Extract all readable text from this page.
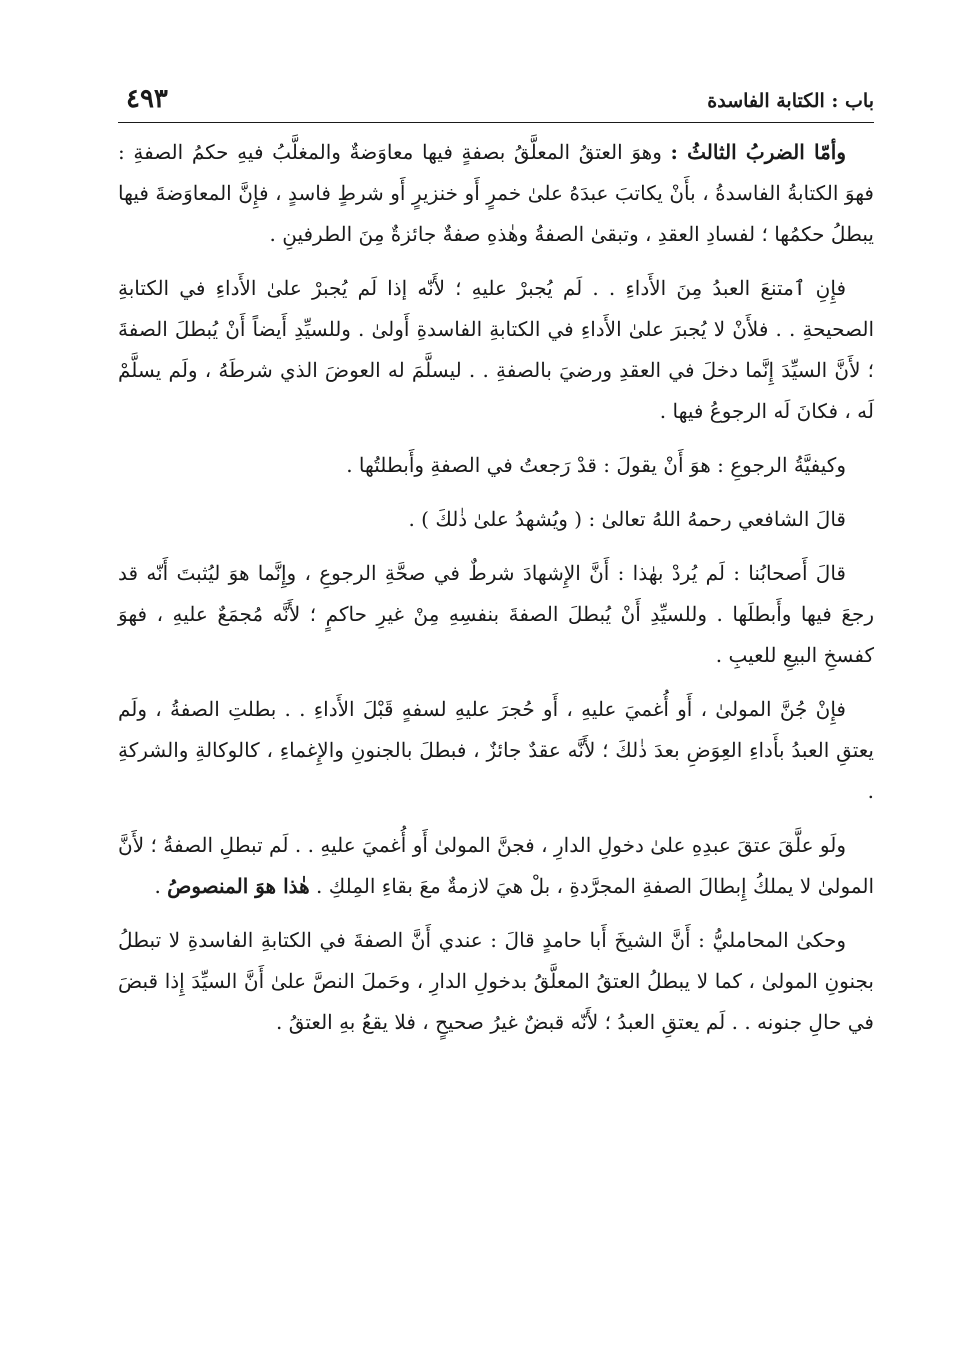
باب : الكتابة الفاسدة
٤٩٣

وأمّا الضربُ الثالثُ : وهوَ العتقُ المعلَّقُ بصفةٍ فيها معاوَضةٌ والمغلَّبُ فيهِ حكمُ الصفةِ : فهوَ الكتابةُ الفاسدةُ ، بأَنْ يكاتبَ عبدَهُ علىٰ خمرٍ أَو خنزيرٍ أَو شرطٍ فاسدٍ ، فإِنَّ المعاوَضةَ فيها يبطلُ حكمُها ؛ لفسادِ العقدِ ، وتبقىٰ الصفةُ وهٰذهِ صفةٌ جائزةٌ مِنَ الطرفينِ .

فإِنِ ٱمتنعَ العبدُ مِنَ الأَداءِ . . لَم يُجبرْ عليهِ ؛ لأَنّه إذا لَم يُجبرْ علىٰ الأَداءِ في الكتابةِ الصحيحةِ . . فلأَنْ لا يُجبرَ علىٰ الأَداءِ في الكتابةِ الفاسدةِ أَولىٰ . وللسيِّدِ أَيضاً أَنْ يُبطلَ الصفةَ ؛ لأَنَّ السيِّدَ إِنَّما دخلَ في العقدِ ورضيَ بالصفةِ . . ليسلَّمَ له العوضَ الذي شرطَهُ ، ولَم يسلَّمْ لَه ، فكانَ لَه الرجوعُ فيها .

وكيفيَّةُ الرجوعِ : هوَ أَنْ يقولَ : قدْ رَجعتُ في الصفةِ وأَبطلتُها .

قالَ الشافعي رحمهُ اللهُ تعالىٰ : ( ويُشهدُ علىٰ ذٰلكَ ) .

قالَ أَصحابُنا : لَم يُردْ بهٰذا : أَنَّ الإِشهادَ شرطٌ في صحَّةِ الرجوعِ ، وإِنَّما هوَ ليُثبتَ أَنّه قد رجعَ فيها وأَبطلَها . وللسيِّدِ أَنْ يُبطلَ الصفةَ بنفسِهِ مِنْ غيرِ حاكمٍ ؛ لأَنَّه مُجمَعٌ عليهِ ، فهوَ كفسخِ البيعِ للعيبِ .

فإِنْ جُنَّ المولىٰ ، أَو أُغميَ عليهِ ، أَو حُجرَ عليهِ لسفهٍ قَبْلَ الأَداءِ . . بطلتِ الصفةُ ، ولَم يعتقِ العبدُ بأَداءِ العِوَضِ بعدَ ذٰلكَ ؛ لأَنَّه عقدٌ جائزٌ ، فبطلَ بالجنونِ والإِغماءِ ، كالوكالةِ والشركةِ .

ولَو علَّقَ عتقَ عبدِهِ علىٰ دخولِ الدارِ ، فجنَّ المولىٰ أَو أُغميَ عليهِ . . لَم تبطلِ الصفةُ ؛ لأَنَّ المولىٰ لا يملكُ إِبطالَ الصفةِ المجرَّدةِ ، بلْ هيَ لازمةٌ معَ بقاءِ المِلكِ . هٰذا هوَ المنصوصُ .

وحكىٰ المحامليُّ : أَنَّ الشيخَ أَبا حامدٍ قالَ : عندي أَنَّ الصفةَ في الكتابةِ الفاسدةِ لا تبطلُ بجنونِ المولىٰ ، كما لا يبطلُ العتقُ المعلَّقُ بدخولِ الدارِ ، وحَملَ النصَّ علىٰ أَنَّ السيِّدَ إِذا قبضَ في حالِ جنونه . . لَم يعتقِ العبدُ ؛ لأَنّه قبضٌ غيرُ صحيحٍ ، فلا يقعُ بهِ العتقُ .
